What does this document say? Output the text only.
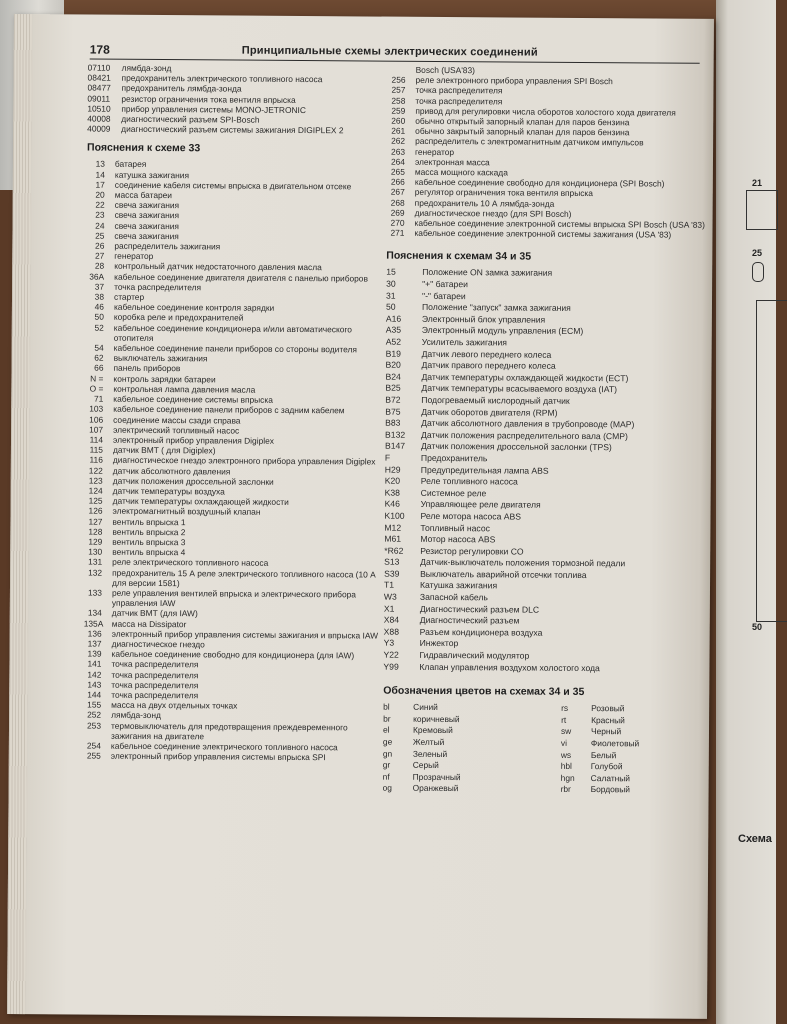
21
25
50
Схема
178	Принципиальные схемы электрических соединений
07110	лямбда-зонд
08421	предохранитель электрического топливного насоса
08477	предохранитель лямбда-зонда
09011	резистор ограничения тока вентиля впрыска
10510	прибор управления системы MONO-JETRONIC
40008	диагностический разъем SPI-Bosch
40009	диагностический разъем системы зажигания DIGIPLEX 2
Пояснения к схеме 33
13	батарея
14	катушка зажигания
17	соединение кабеля системы впрыска в двигательном отсеке
20	масса батареи
22	свеча зажигания
23	свеча зажигания
24	свеча зажигания
25	свеча зажигания
26	распределитель зажигания
27	генератор
28	контрольный датчик недостаточного давления масла
36A	кабельное соединение двигателя двигателя с панелью приборов
37	точка распределителя
38	стартер
46	кабельное соединение контроля зарядки
50	коробка реле и предохранителей
52	кабельное соединение кондиционера и/или автоматического отопителя
54	кабельное соединение панели приборов со стороны водителя
62	выключатель зажигания
66	панель приборов
N =	контроль зарядки батареи
O =	контрольная лампа давления масла
71	кабельное соединение системы впрыска
103	кабельное соединение панели приборов с задним кабелем
106	соединение массы сзади справа
107	электрический топливный насос
114	электронный прибор управления Digiplex
115	датчик ВМТ ( для Digiplex)
116	диагностическое гнездо электронного прибора управления Digiplex
122	датчик абсолютного давления
123	датчик положения дроссельной заслонки
124	датчик температуры воздуха
125	датчик температуры охлаждающей жидкости
126	электромагнитный воздушный клапан
127	вентиль впрыска 1
128	вентиль впрыска 2
129	вентиль впрыска 3
130	вентиль впрыска 4
131	реле электрического топливного насоса
132	предохранитель 15 А реле электрического топливного насоса (10 А для версии 1581)
133	реле управления вентилей впрыска и электрического прибора управления IAW
134	датчик ВМТ (для IAW)
135A масса на Dissipator
136	электронный прибор управления системы зажигания и впрыска IAW
137	диагностическое гнездо
139	кабельное соединение свободно для кондиционера (для IAW)
141	точка распределителя
142	точка распределителя
143	точка распределителя
144	точка распределителя
155	масса на двух отдельных точках
252	лямбда-зонд
253	термовыключатель для предотвращения преждевременного зажигания на двигателе
254	кабельное соединение электрического топливного насоса
255	электронный прибор управления системы впрыска SPI
Bosch (USA'83)
256	реле электронного прибора управления SPI Bosch
257	точка распределителя
258	точка распределителя
259	привод для регулировки числа оборотов холостого хода двигателя
260	обычно открытый запорный клапан для паров бензина
261	обычно закрытый запорный клапан для паров бензина
262	распределитель с электромагнитным датчиком импульсов
263	генератор
264	электронная масса
265	масса мощного каскада
266	кабельное соединение свободно для кондиционера (SPI Bosch)
267	регулятор ограничения тока вентиля впрыска
268	предохранитель 10 А лямбда-зонда
269	диагностическое гнездо (для SPI Bosch)
270	кабельное соединение электронной системы впрыска SPI Bosch (USA '83)
271	кабельное соединение электронной системы зажигания (USA '83)
Пояснения к схемам 34 и 35
15	Положение ON замка зажигания
30	"+" батареи
31	"-" батареи
50	Положение "запуск" замка зажигания
A16	Электронный блок управления
A35	Электронный модуль управления (ECM)
A52	Усилитель зажигания
B19	Датчик левого переднего колеса
B20	Датчик правого переднего колеса
B24	Датчик температуры охлаждающей жидкости (ECT)
B25	Датчик температуры всасываемого воздуха (IAT)
B72	Подогреваемый кислородный датчик
B75	Датчик оборотов двигателя (RPM)
B83	Датчик абсолютного давления в трубопроводе (MAP)
B132	Датчик положения распределительного вала (CMP)
B147	Датчик положения дроссельной заслонки (TPS)
F	Предохранитель
H29	Предупредительная лампа ABS
K20	Реле топливного насоса
K38	Системное реле
K46	Управляющее реле двигателя
K100	Реле мотора насоса ABS
M12	Топливный насос
M61	Мотор насоса ABS
*R62	Резистор регулировки CO
S13	Датчик-выключатель положения тормозной педали
S39	Выключатель аварийной отсечки топлива
T1	Катушка зажигания
W3	Запасной кабель
X1	Диагностический разъем DLC
X84	Диагностический разъем
X88	Разъем кондиционера воздуха
Y3	Инжектор
Y22	Гидравлический модулятор
Y99	Клапан управления воздухом холостого хода
Обозначения цветов на схемах 34 и 35
bl	Синий	rs	Розовый
br	коричневый	rt	Красный
el	Кремовый	sw	Черный
ge	Желтый	vi	Фиолетовый
gn	Зеленый	ws	Белый
gr	Серый	hbl	Голубой
nf	Прозрачный	hgn	Салатный
og	Оранжевый	rbr	Бордовый
